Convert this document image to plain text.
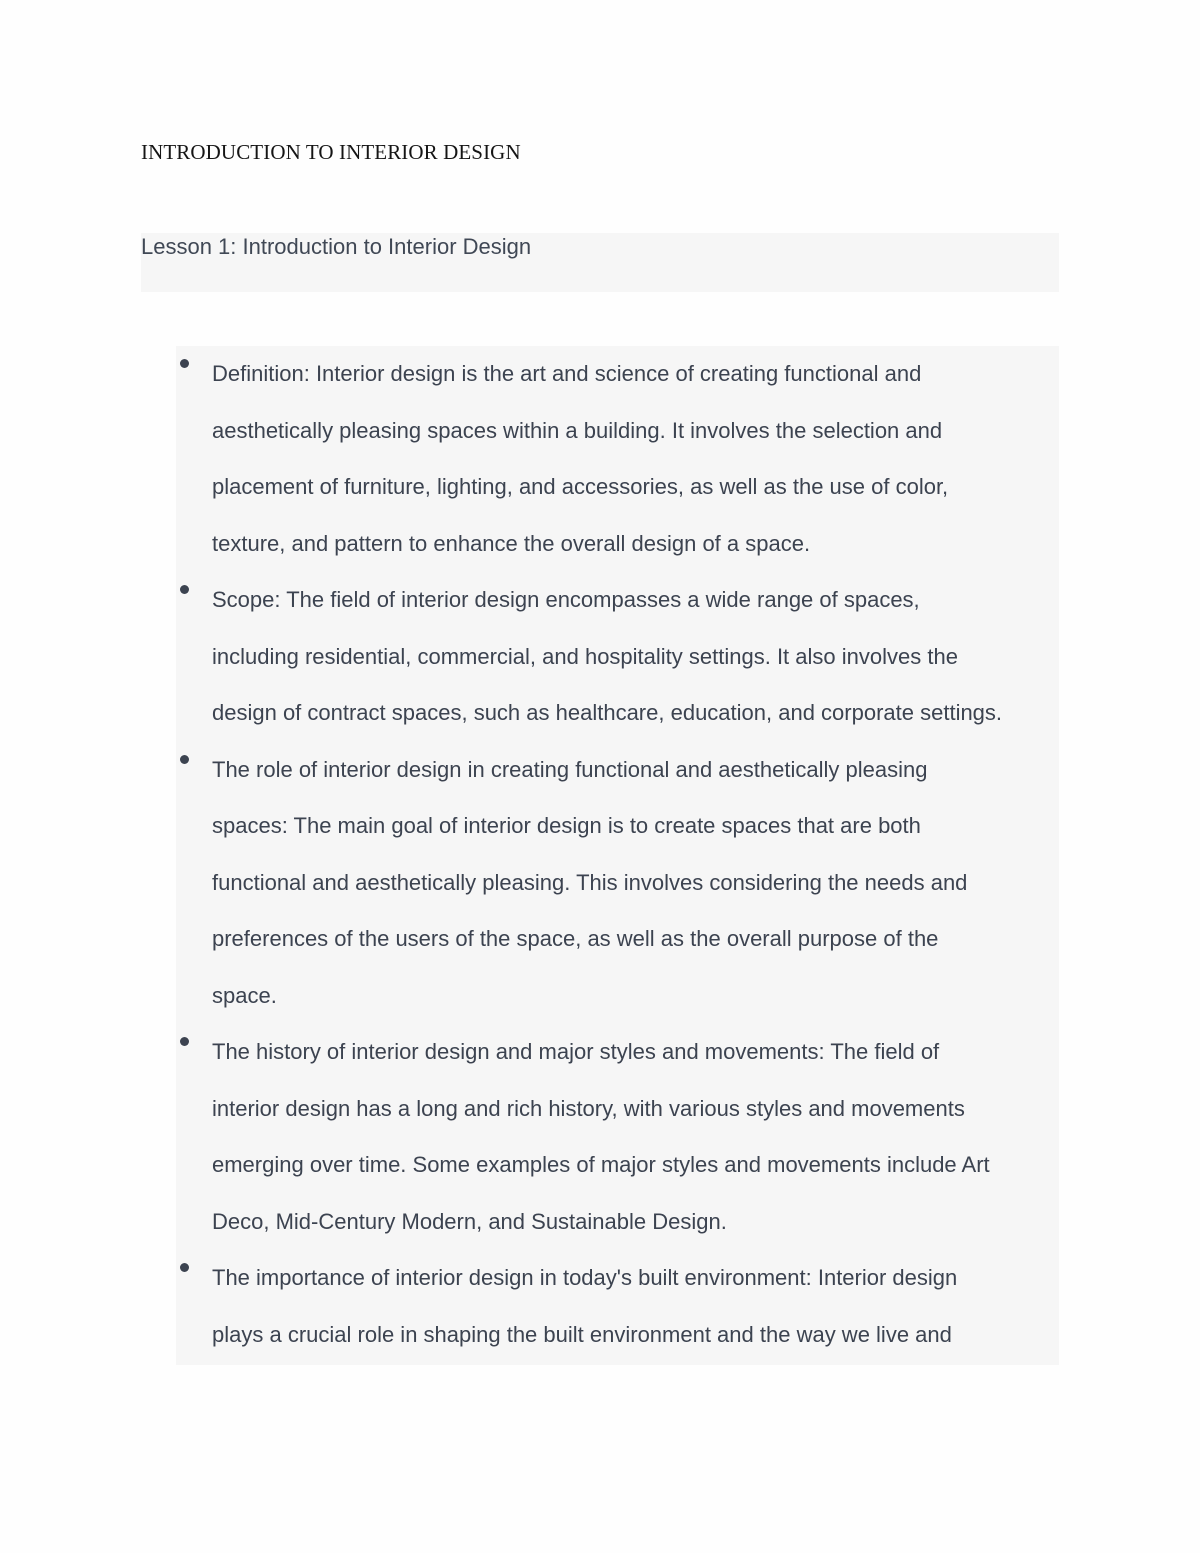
INTRODUCTION TO INTERIOR DESIGN
Lesson 1: Introduction to Interior Design
Definition: Interior design is the art and science of creating functional and
aesthetically pleasing spaces within a building. It involves the selection and
placement of furniture, lighting, and accessories, as well as the use of color,
texture, and pattern to enhance the overall design of a space.
Scope: The field of interior design encompasses a wide range of spaces,
including residential, commercial, and hospitality settings. It also involves the
design of contract spaces, such as healthcare, education, and corporate settings.
The role of interior design in creating functional and aesthetically pleasing
spaces: The main goal of interior design is to create spaces that are both
functional and aesthetically pleasing. This involves considering the needs and
preferences of the users of the space, as well as the overall purpose of the
space.
The history of interior design and major styles and movements: The field of
interior design has a long and rich history, with various styles and movements
emerging over time. Some examples of major styles and movements include Art
Deco, Mid-Century Modern, and Sustainable Design.
The importance of interior design in today's built environment: Interior design
plays a crucial role in shaping the built environment and the way we live and
